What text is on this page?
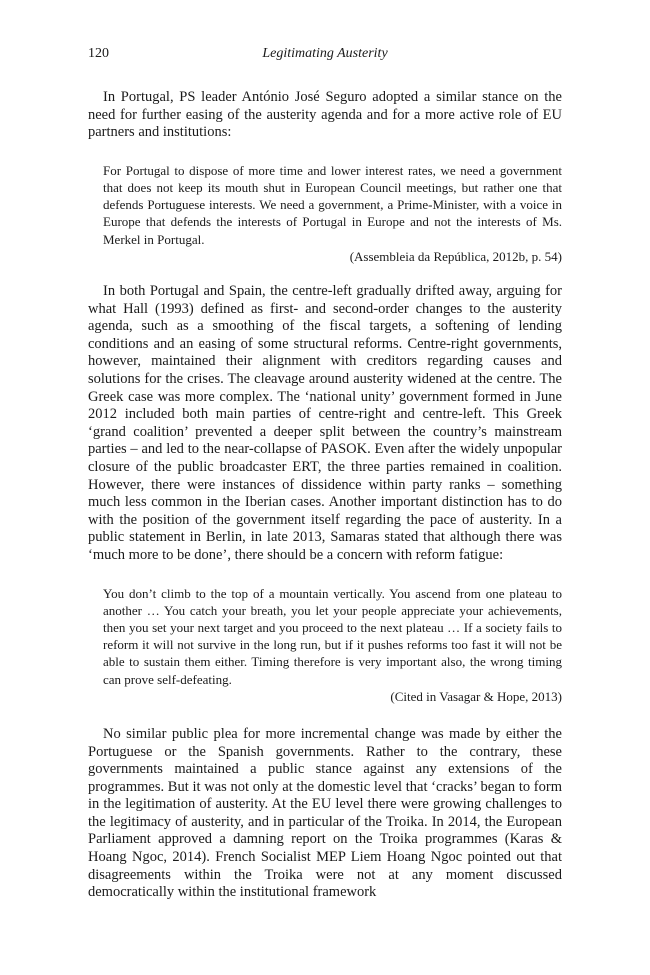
120	Legitimating Austerity

In Portugal, PS leader António José Seguro adopted a similar stance on the need for further easing of the austerity agenda and for a more active role of EU partners and institutions:

For Portugal to dispose of more time and lower interest rates, we need a government that does not keep its mouth shut in European Council meetings, but rather one that defends Portuguese interests. We need a government, a Prime-Minister, with a voice in Europe that defends the interests of Portugal in Europe and not the interests of Ms. Merkel in Portugal.
(Assembleia da República, 2012b, p. 54)

In both Portugal and Spain, the centre-left gradually drifted away, arguing for what Hall (1993) defined as first- and second-order changes to the austerity agenda, such as a smoothing of the fiscal targets, a softening of lending conditions and an easing of some structural reforms. Centre-right governments, however, maintained their alignment with creditors regarding causes and solutions for the crises. The cleavage around austerity widened at the centre. The Greek case was more complex. The ‘national unity’ government formed in June 2012 included both main parties of centre-right and centre-left. This Greek ‘grand coalition’ prevented a deeper split between the country’s mainstream parties – and led to the near-collapse of PASOK. Even after the widely unpopular closure of the public broadcaster ERT, the three parties remained in coalition. However, there were instances of dissidence within party ranks – something much less common in the Iberian cases. Another important distinction has to do with the position of the government itself regarding the pace of austerity. In a public statement in Berlin, in late 2013, Samaras stated that although there was ‘much more to be done’, there should be a concern with reform fatigue:

You don’t climb to the top of a mountain vertically. You ascend from one plateau to another … You catch your breath, you let your people appreciate your achievements, then you set your next target and you proceed to the next plateau … If a society fails to reform it will not survive in the long run, but if it pushes reforms too fast it will not be able to sustain them either. Timing therefore is very important also, the wrong timing can prove self-defeating.
(Cited in Vasagar & Hope, 2013)

No similar public plea for more incremental change was made by either the Portuguese or the Spanish governments. Rather to the contrary, these governments maintained a public stance against any extensions of the programmes. But it was not only at the domestic level that ‘cracks’ began to form in the legitimation of austerity. At the EU level there were growing challenges to the legitimacy of austerity, and in particular of the Troika. In 2014, the European Parliament approved a damning report on the Troika programmes (Karas & Hoang Ngoc, 2014). French Socialist MEP Liem Hoang Ngoc pointed out that disagreements within the Troika were not at any moment discussed democratically within the institutional framework
